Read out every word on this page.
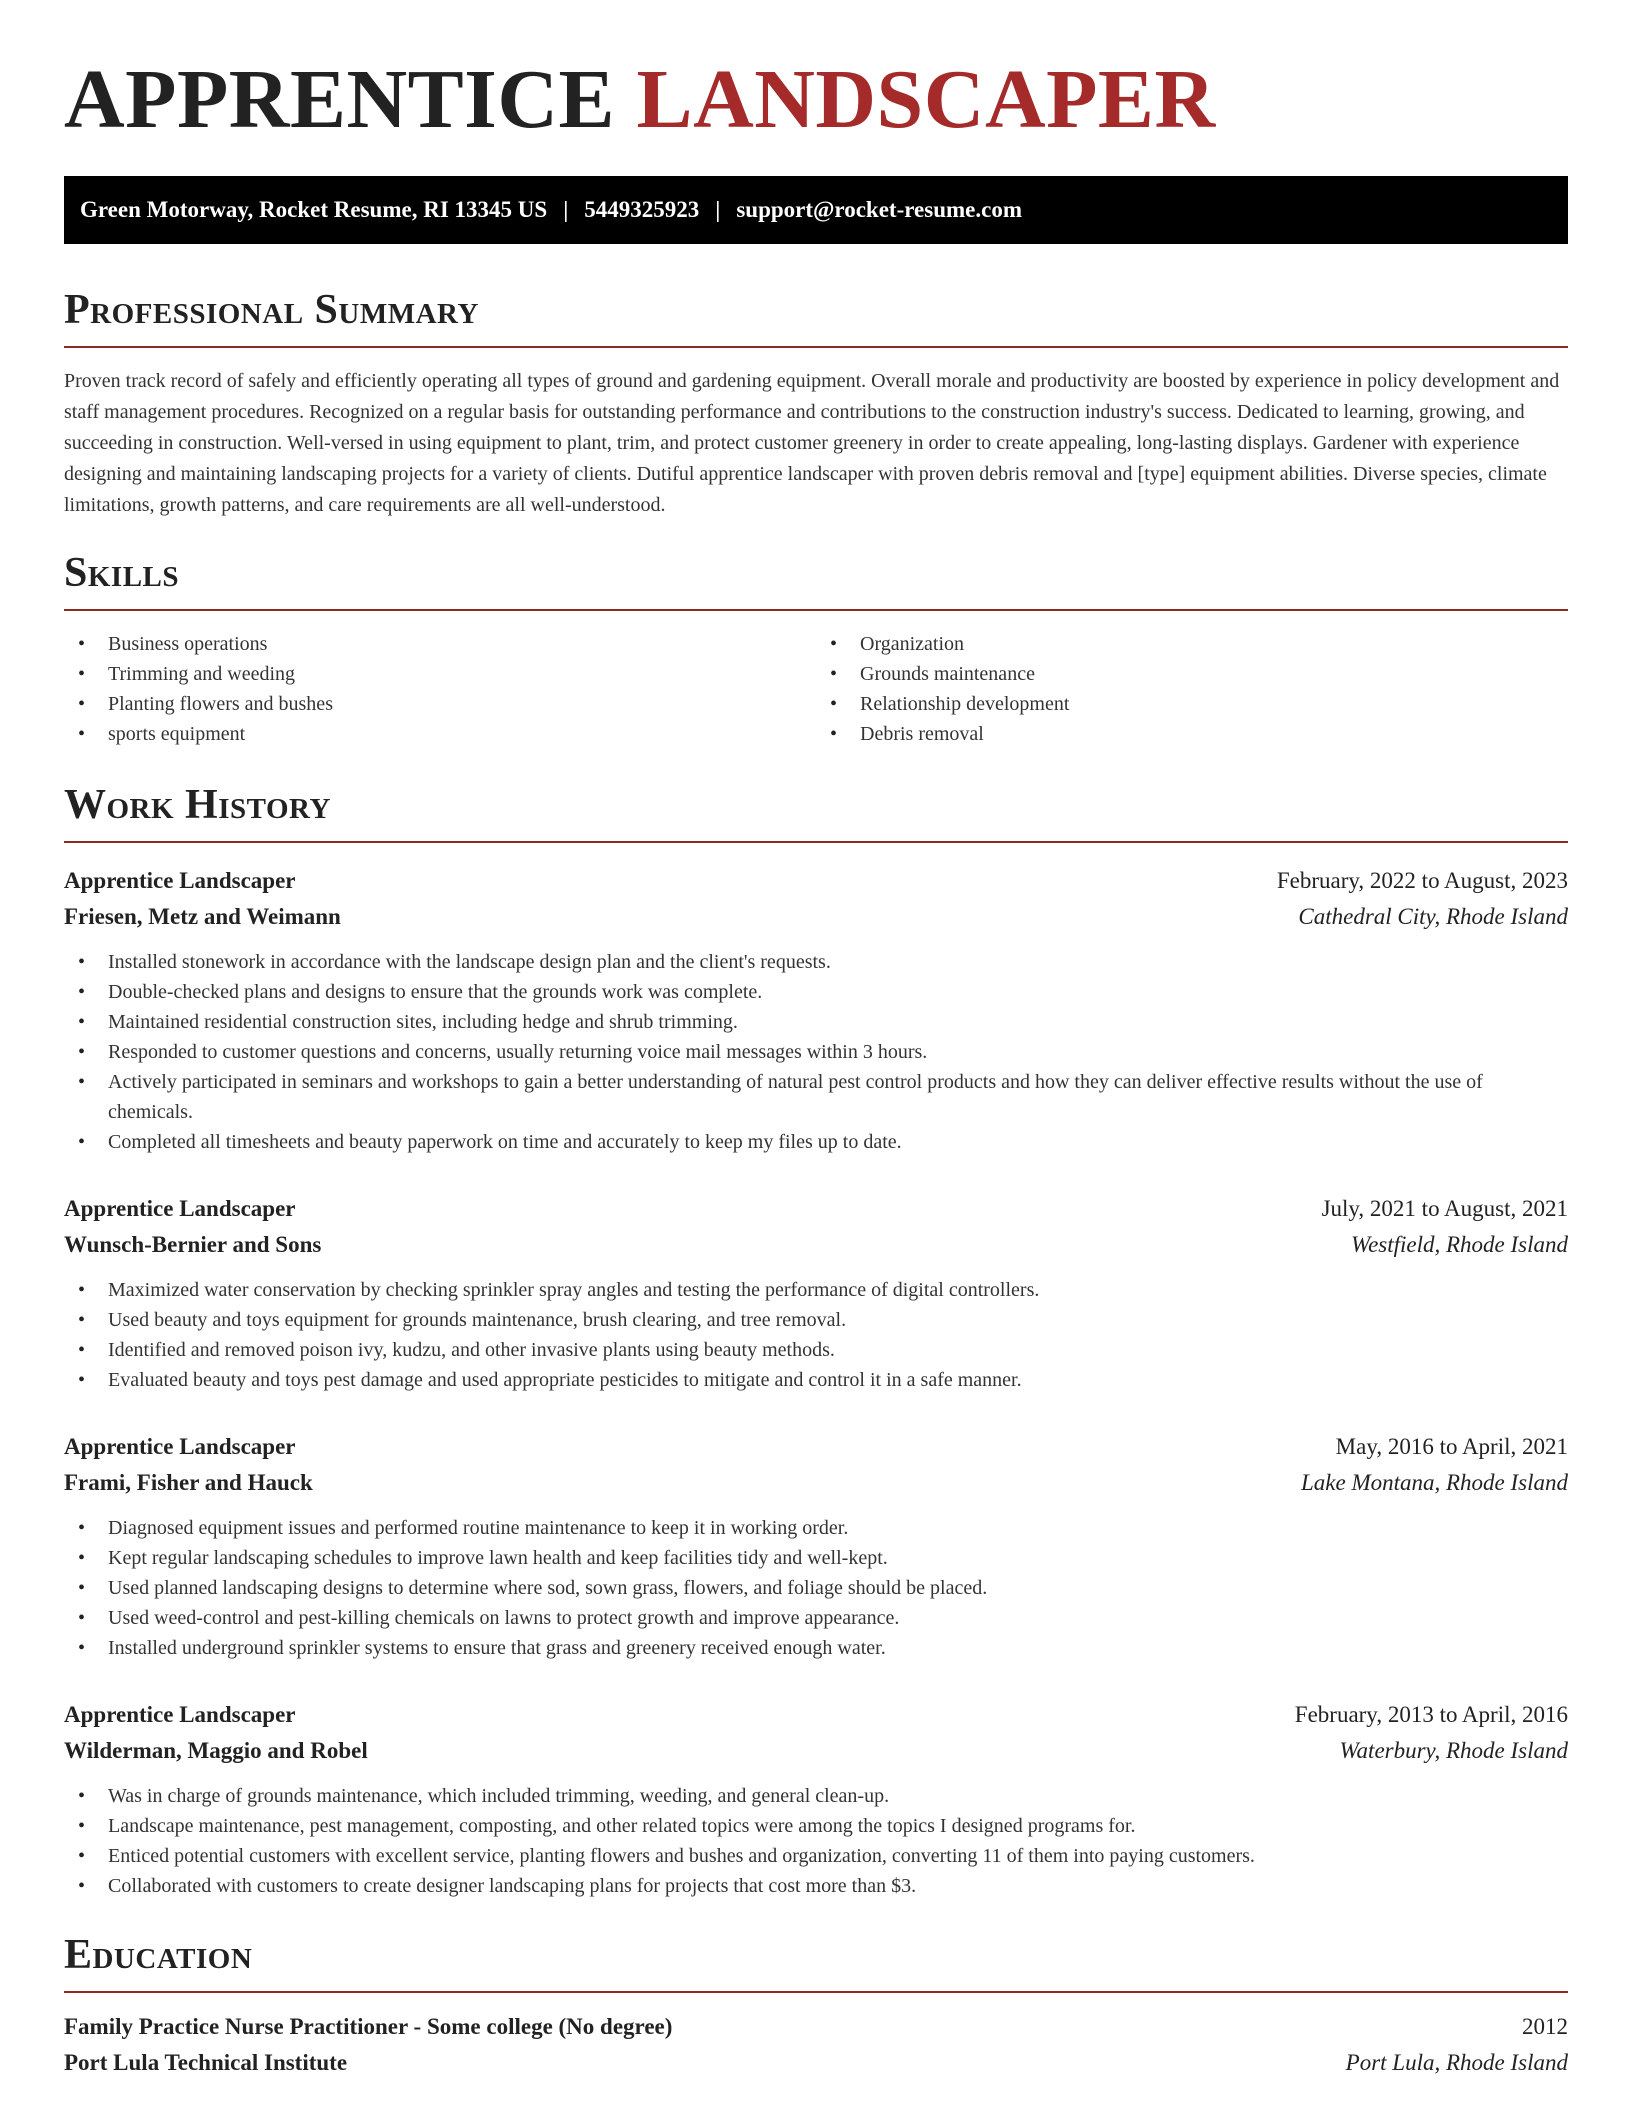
APPRENTICE LANDSCAPER
Green Motorway, Rocket Resume, RI 13345 US | 5449325923 | support@rocket-resume.com
Professional Summary

Proven track record of safely and efficiently operating all types of ground and gardening equipment. Overall morale and productivity are boosted by experience in policy development and staff management procedures. Recognized on a regular basis for outstanding performance and contributions to the construction industry's success. Dedicated to learning, growing, and succeeding in construction. Well-versed in using equipment to plant, trim, and protect customer greenery in order to create appealing, long-lasting displays. Gardener with experience designing and maintaining landscaping projects for a variety of clients. Dutiful apprentice landscaper with proven debris removal and [type] equipment abilities. Diverse species, climate limitations, growth patterns, and care requirements are all well-understood.

Skills
• Business operations
• Trimming and weeding
• Planting flowers and bushes
• sports equipment
• Organization
• Grounds maintenance
• Relationship development
• Debris removal
Work History
Apprentice Landscaper	February, 2022 to August, 2023
Friesen, Metz and Weimann	Cathedral City, Rhode Island
• Installed stonework in accordance with the landscape design plan and the client's requests.
• Double-checked plans and designs to ensure that the grounds work was complete.
• Maintained residential construction sites, including hedge and shrub trimming.
• Responded to customer questions and concerns, usually returning voice mail messages within 3 hours.
• Actively participated in seminars and workshops to gain a better understanding of natural pest control products and how they can deliver effective results without the use of chemicals.
• Completed all timesheets and beauty paperwork on time and accurately to keep my files up to date.
Apprentice Landscaper	July, 2021 to August, 2021
Wunsch-Bernier and Sons	Westfield, Rhode Island
• Maximized water conservation by checking sprinkler spray angles and testing the performance of digital controllers.
• Used beauty and toys equipment for grounds maintenance, brush clearing, and tree removal.
• Identified and removed poison ivy, kudzu, and other invasive plants using beauty methods.
• Evaluated beauty and toys pest damage and used appropriate pesticides to mitigate and control it in a safe manner.
Apprentice Landscaper	May, 2016 to April, 2021
Frami, Fisher and Hauck	Lake Montana, Rhode Island
• Diagnosed equipment issues and performed routine maintenance to keep it in working order.
• Kept regular landscaping schedules to improve lawn health and keep facilities tidy and well-kept.
• Used planned landscaping designs to determine where sod, sown grass, flowers, and foliage should be placed.
• Used weed-control and pest-killing chemicals on lawns to protect growth and improve appearance.
• Installed underground sprinkler systems to ensure that grass and greenery received enough water.
Apprentice Landscaper	February, 2013 to April, 2016
Wilderman, Maggio and Robel	Waterbury, Rhode Island
• Was in charge of grounds maintenance, which included trimming, weeding, and general clean-up.
• Landscape maintenance, pest management, composting, and other related topics were among the topics I designed programs for.
• Enticed potential customers with excellent service, planting flowers and bushes and organization, converting 11 of them into paying customers.
• Collaborated with customers to create designer landscaping plans for projects that cost more than $3.
Education
Family Practice Nurse Practitioner - Some college (No degree)	2012
Port Lula Technical Institute	Port Lula, Rhode Island
